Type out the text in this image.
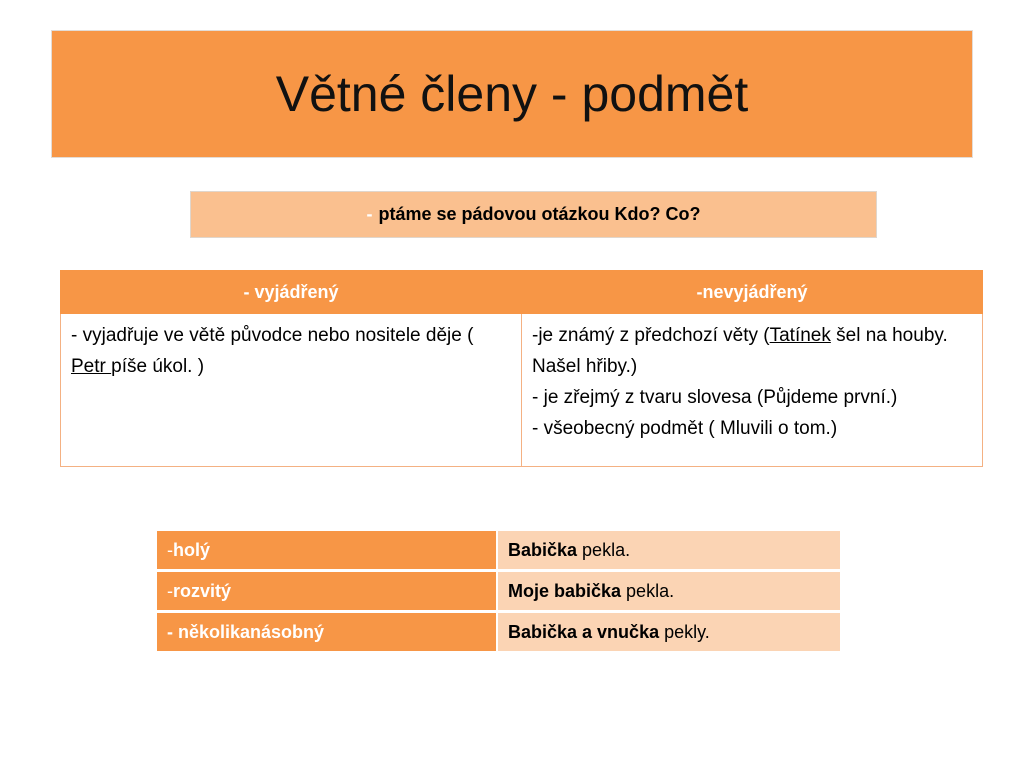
Větné členy - podmět
- ptáme se pádovou otázkou Kdo? Co?
- vyjádřený	-nevyjádřený
- vyjadřuje ve větě původce nebo nositele děje ( Petr píše úkol. )	-je známý z předchozí věty (Tatínek šel na houby. Našel hřiby.)
- je zřejmý z tvaru slovesa (Půjdeme první.)
- všeobecný podmět ( Mluvili o tom.)
-holý	Babička pekla.
-rozvitý	Moje babička pekla.
- několikanásobný	Babička a vnučka pekly.
